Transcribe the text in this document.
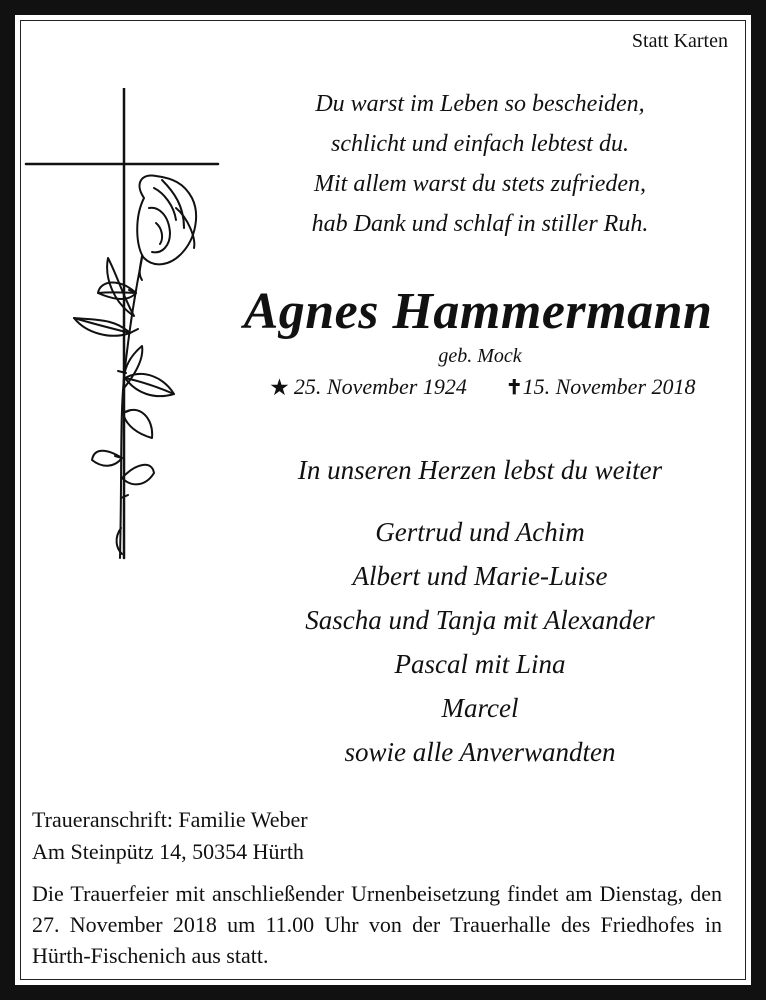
Statt Karten
Du warst im Leben so bescheiden,
schlicht und einfach lebtest du.
Mit allem warst du stets zufrieden,
hab Dank und schlaf in stiller Ruh.
Agnes Hammermann
geb. Mock
★ 25. November 1924 ✝15. November 2018
In unseren Herzen lebst du weiter
Gertrud und Achim
Albert und Marie-Luise
Sascha und Tanja mit Alexander
Pascal mit Lina
Marcel
sowie alle Anverwandten
Traueranschrift: Familie Weber
Am Steinpütz 14, 50354 Hürth
Die Trauerfeier mit anschließender Urnenbeisetzung findet am Dienstag, den 27. November 2018 um 11.00 Uhr von der Trauerhalle des Friedhofes in Hürth-Fischenich aus statt.
